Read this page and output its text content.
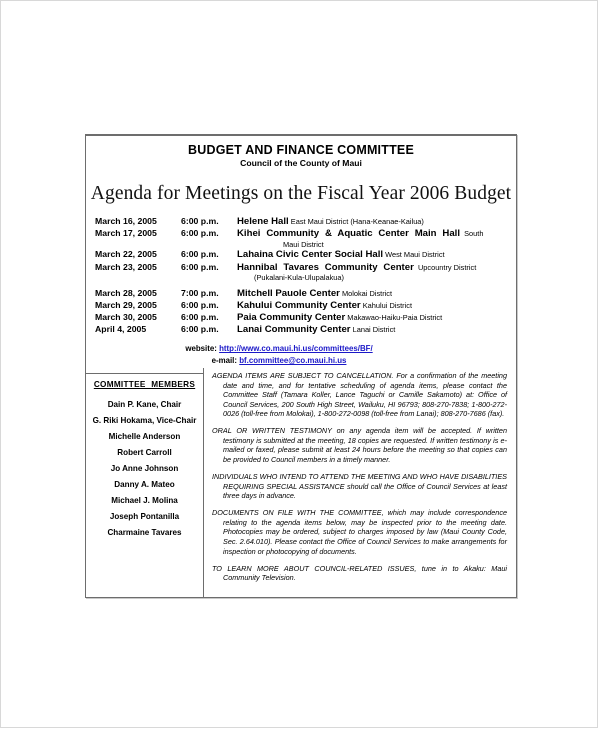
BUDGET AND FINANCE COMMITTEE
Council of the County of Maui
Agenda for Meetings on the Fiscal Year 2006 Budget
March 16, 2005	6:00 p.m.	Helene Hall East Maui District (Hana-Keanae-Kailua)
March 17, 2005	6:00 p.m.	Kihei Community & Aquatic Center Main Hall South
Maui District

March 22, 2005	6:00 p.m.	Lahaina Civic Center Social Hall West Maui District
March 23, 2005	6:00 p.m.	Hannibal Tavares Community Center Upcountry District
(Pukalani-Kula-Ulupalakua)

March 28, 2005	7:00 p.m.	Mitchell Pauole Center Molokai District
March 29, 2005	6:00 p.m.	Kahului Community Center Kahului District
March 30, 2005	6:00 p.m.	Paia Community Center Makawao-Haiku-Paia District
April 4, 2005	6:00 p.m.	Lanai Community Center Lanai District
website: http://www.co.maui.hi.us/committees/BF/
e-mail: bf.committee@co.maui.hi.us
COMMITTEE MEMBERS
Dain P. Kane, Chair
G. Riki Hokama, Vice-Chair
Michelle Anderson
Robert Carroll
Jo Anne Johnson
Danny A. Mateo
Michael J. Molina
Joseph Pontanilla
Charmaine Tavares

AGENDA ITEMS ARE SUBJECT TO CANCELLATION. For a confirmation of the meeting date and time, and for tentative scheduling of agenda items, please contact the Committee Staff (Tamara Koller, Lance Taguchi or Camille Sakamoto) at: Office of Council Services, 200 South High Street, Wailuku, HI 96793; 808-270-7838; 1-800-272-0026 (toll-free from Molokai), 1-800-272-0098 (toll-free from Lanai); 808-270-7686 (fax).

ORAL OR WRITTEN TESTIMONY on any agenda item will be accepted. If written testimony is submitted at the meeting, 18 copies are requested. If written testimony is e-mailed or faxed, please submit at least 24 hours before the meeting so that copies can be provided to Council members in a timely manner.

INDIVIDUALS WHO INTEND TO ATTEND THE MEETING AND WHO HAVE DISABILITIES REQUIRING SPECIAL ASSISTANCE should call the Office of Council Services at least three days in advance.

DOCUMENTS ON FILE WITH THE COMMITTEE, which may include correspondence relating to the agenda items below, may be inspected prior to the meeting date. Photocopies may be ordered, subject to charges imposed by law (Maui County Code, Sec. 2.64.010). Please contact the Office of Council Services to make arrangements for inspection or photocopying of documents.

TO LEARN MORE ABOUT COUNCIL-RELATED ISSUES, tune in to Akaku: Maui Community Television.
